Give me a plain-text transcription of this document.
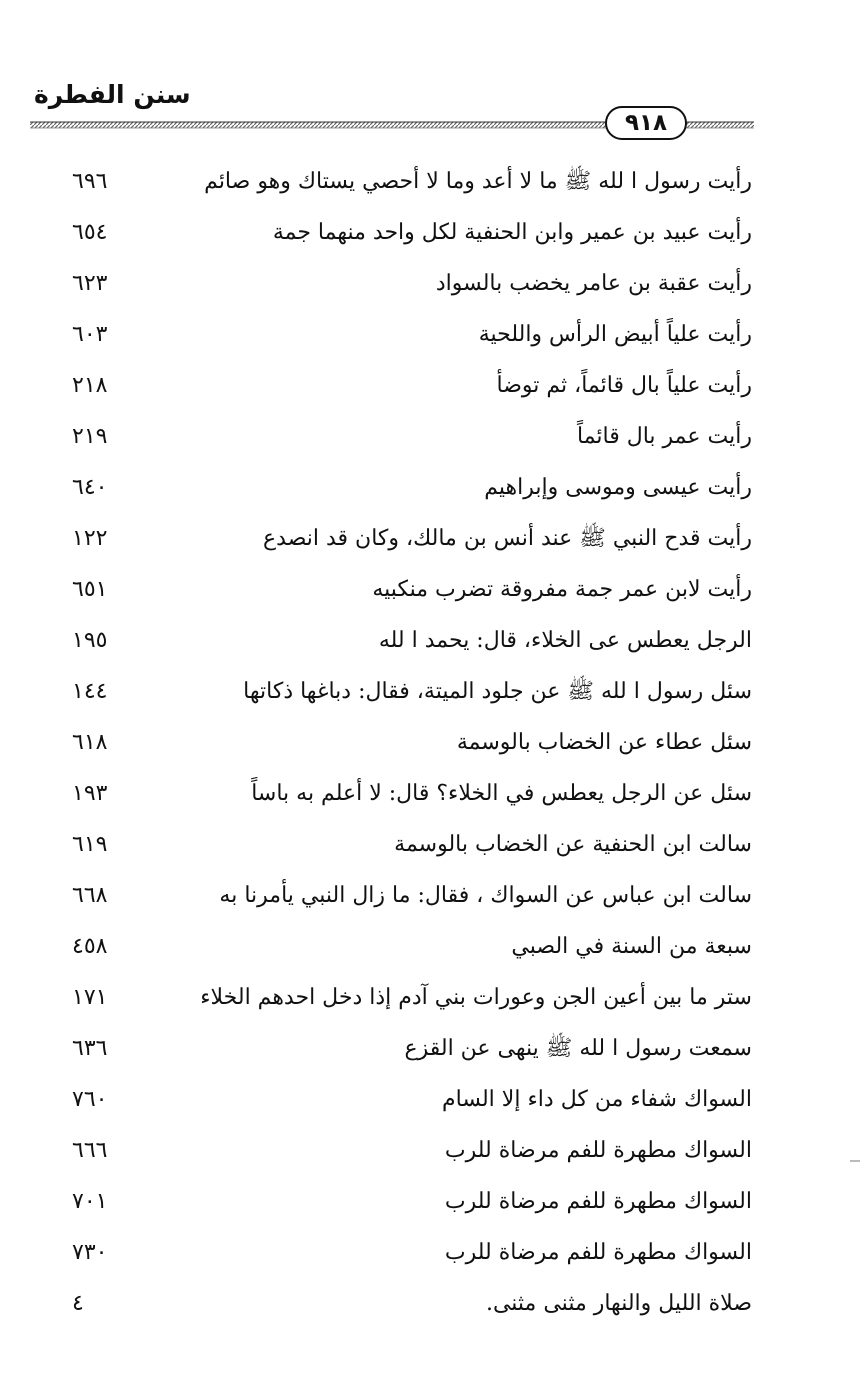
سنن الفطرة
٩١٨
رأيت رسول ا لله ﷺ ما لا أعد وما لا أحصي يستاك وهو صائم
٦٩٦
رأيت عبيد بن عمير وابن الحنفية لكل واحد منهما جمة
٦٥٤
رأيت عقبة بن عامر يخضب بالسواد
٦٢٣
رأيت علياً أبيض الرأس واللحية
٦٠٣
رأيت علياً بال قائماً، ثم توضأ
٢١٨
رأيت عمر بال قائماً
٢١٩
رأيت عيسى وموسى وإبراهيم
٦٤٠
رأيت قدح النبي ﷺ عند أنس بن مالك، وكان قد انصدع
١٢٢
رأيت لابن عمر جمة مفروقة تضرب منكبيه
٦٥١
الرجل يعطس عى الخلاء، قال: يحمد ا لله
١٩٥
سئل رسول ا لله ﷺ عن جلود الميتة، فقال: دباغها ذكاتها
١٤٤
سئل عطاء عن الخضاب بالوسمة
٦١٨
سئل عن الرجل يعطس في الخلاء؟ قال: لا أعلم به باساً
١٩٣
سالت ابن الحنفية عن الخضاب بالوسمة
٦١٩
سالت ابن عباس عن السواك ، فقال: ما زال النبي يأمرنا به
٦٦٨
سبعة من السنة في الصبي
٤٥٨
ستر ما بين أعين الجن وعورات بني آدم إذا دخل احدهم الخلاء
١٧١
سمعت رسول ا لله ﷺ ينهى عن القزع
٦٣٦
السواك شفاء من كل داء إلا السام
٧٦٠
السواك مطهرة للفم مرضاة للرب
٦٦٦
السواك مطهرة للفم مرضاة للرب
٧٠١
السواك مطهرة للفم مرضاة للرب
٧٣٠
صلاة الليل والنهار مثنى مثنى.
٤
